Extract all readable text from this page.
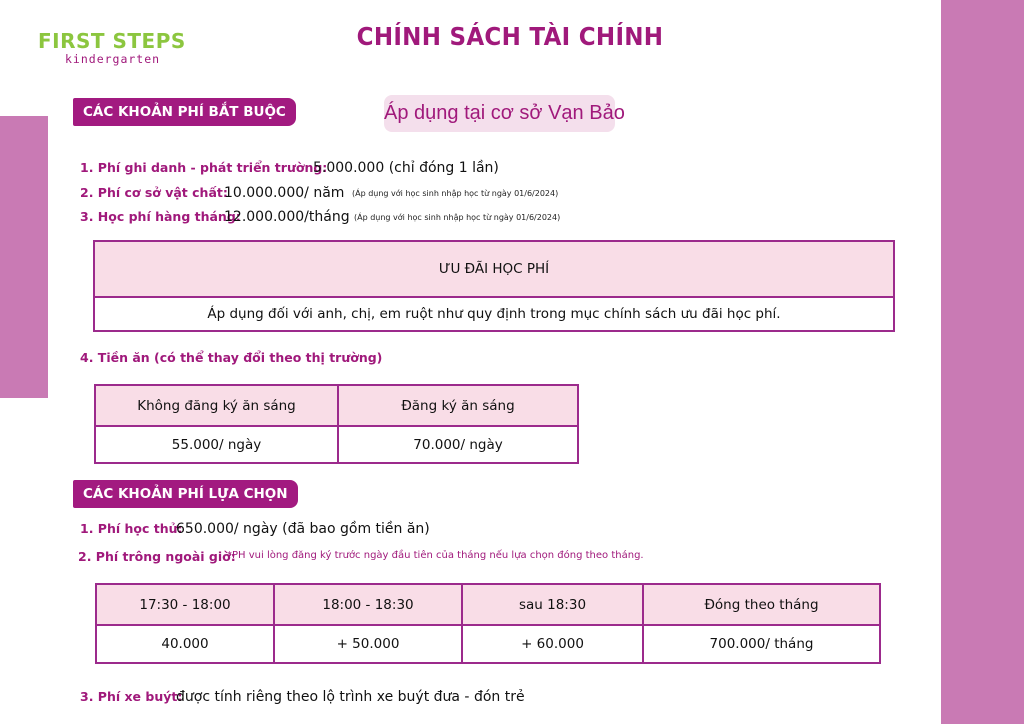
FIRST STEPS
kindergarten
CHÍNH SÁCH TÀI CHÍNH
CÁC KHOẢN PHÍ BẮT BUỘC	Áp dụng tại cơ sở Vạn Bảo
1. Phí ghi danh - phát triển trường:
5.000.000 (chỉ đóng 1 lần)
2. Phí cơ sở vật chất:
10.000.000/ năm (Áp dụng với học sinh nhập học từ ngày 01/6/2024)
3. Học phí hàng tháng:
12.000.000/tháng (Áp dụng với học sinh nhập học từ ngày 01/6/2024)
ƯU ĐÃI HỌC PHÍ
Áp dụng đối với anh, chị, em ruột như quy định trong mục chính sách ưu đãi học phí.
4. Tiền ăn (có thể thay đổi theo thị trường)
Không đăng ký ăn sáng	Đăng ký ăn sáng
55.000/ ngày	70.000/ ngày
CÁC KHOẢN PHÍ LỰA CHỌN
1. Phí học thử:
650.000/ ngày (đã bao gồm tiền ăn)
2. Phí trông ngoài giờ:
*PH vui lòng đăng ký trước ngày đầu tiên của tháng nếu lựa chọn đóng theo tháng.
17:30 - 18:00	18:00 - 18:30	sau 18:30	Đóng theo tháng
40.000	+ 50.000	+ 60.000	700.000/ tháng
3. Phí xe buýt:
được tính riêng theo lộ trình xe buýt đưa - đón trẻ
